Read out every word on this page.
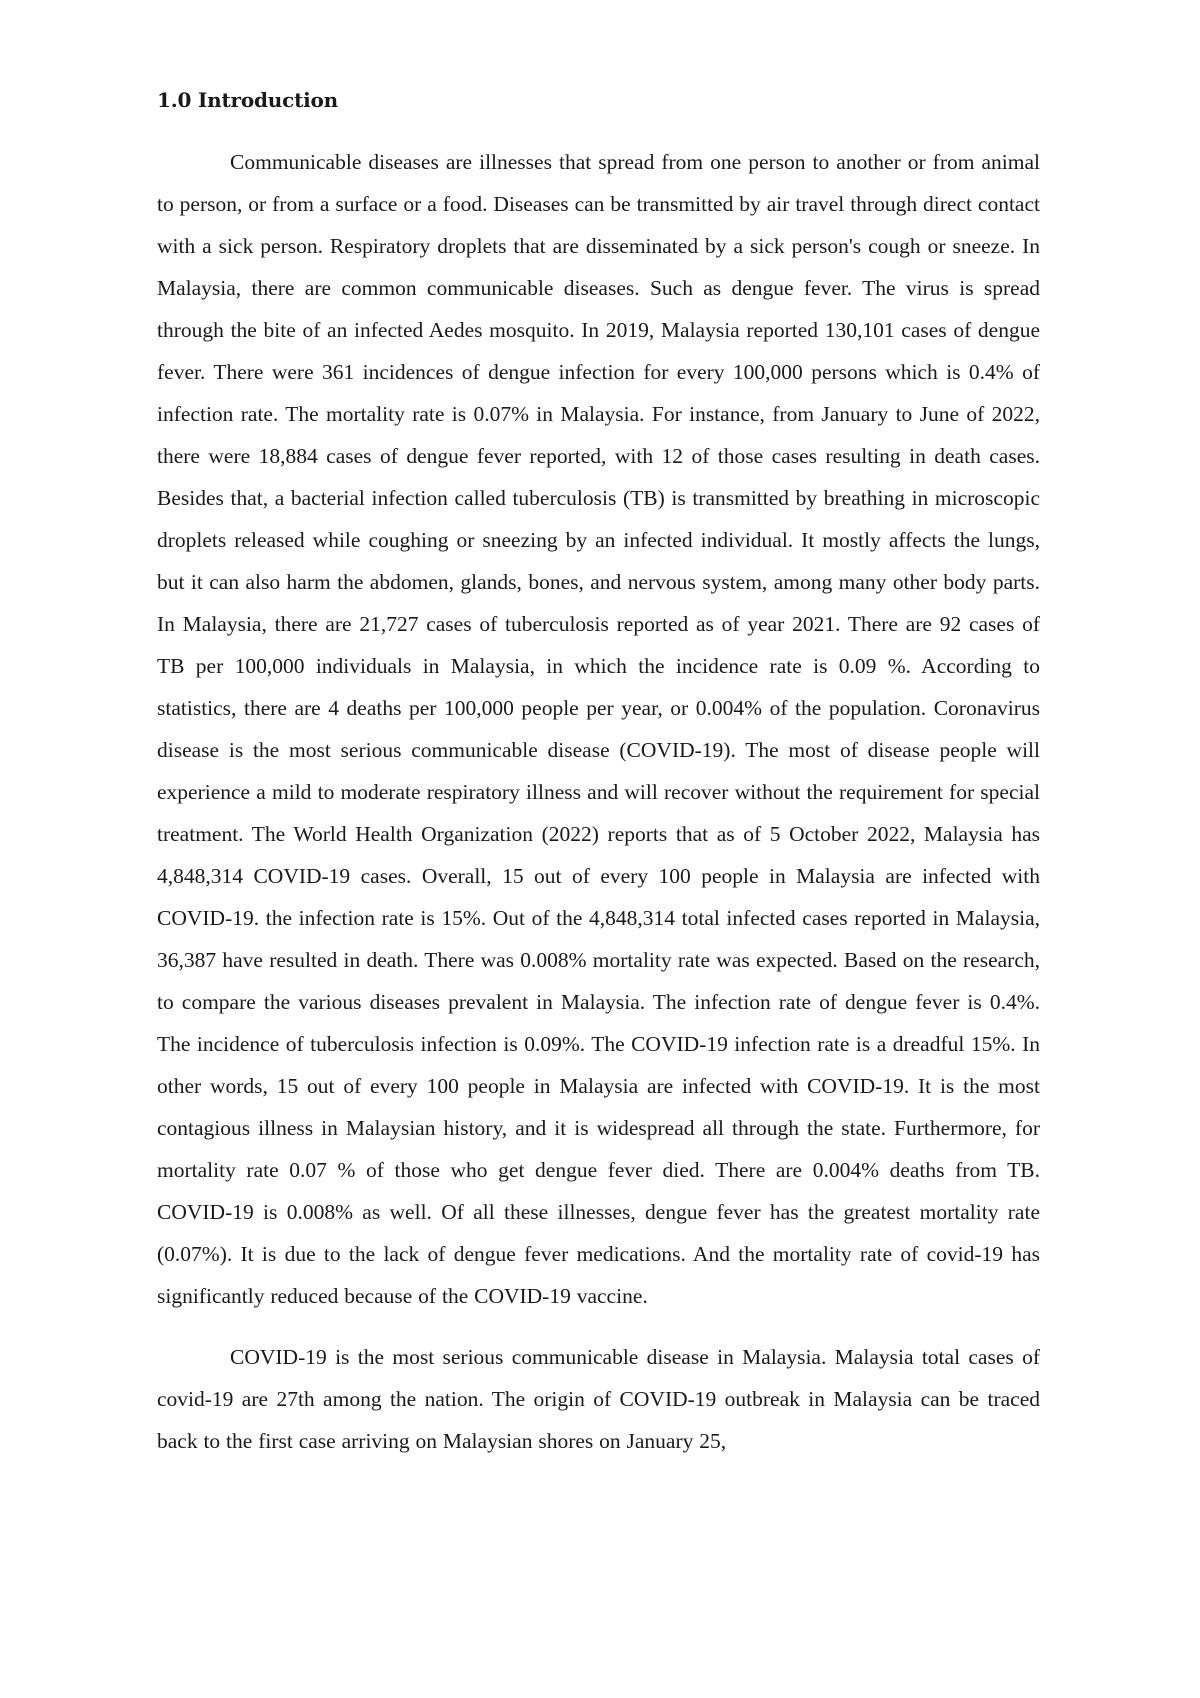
1.0 Introduction

Communicable diseases are illnesses that spread from one person to another or from animal to person, or from a surface or a food. Diseases can be transmitted by air travel through direct contact with a sick person. Respiratory droplets that are disseminated by a sick person's cough or sneeze. In Malaysia, there are common communicable diseases. Such as dengue fever. The virus is spread through the bite of an infected Aedes mosquito. In 2019, Malaysia reported 130,101 cases of dengue fever. There were 361 incidences of dengue infection for every 100,000 persons which is 0.4% of infection rate. The mortality rate is 0.07% in Malaysia. For instance, from January to June of 2022, there were 18,884 cases of dengue fever reported, with 12 of those cases resulting in death cases. Besides that, a bacterial infection called tuberculosis (TB) is transmitted by breathing in microscopic droplets released while coughing or sneezing by an infected individual. It mostly affects the lungs, but it can also harm the abdomen, glands, bones, and nervous system, among many other body parts. In Malaysia, there are 21,727 cases of tuberculosis reported as of year 2021. There are 92 cases of TB per 100,000 individuals in Malaysia, in which the incidence rate is 0.09 %. According to statistics, there are 4 deaths per 100,000 people per year, or 0.004% of the population. Coronavirus disease is the most serious communicable disease (COVID-19). The most of disease people will experience a mild to moderate respiratory illness and will recover without the requirement for special treatment. The World Health Organization (2022) reports that as of 5 October 2022, Malaysia has 4,848,314 COVID-19 cases. Overall, 15 out of every 100 people in Malaysia are infected with COVID-19. the infection rate is 15%. Out of the 4,848,314 total infected cases reported in Malaysia, 36,387 have resulted in death. There was 0.008% mortality rate was expected. Based on the research, to compare the various diseases prevalent in Malaysia. The infection rate of dengue fever is 0.4%. The incidence of tuberculosis infection is 0.09%. The COVID-19 infection rate is a dreadful 15%. In other words, 15 out of every 100 people in Malaysia are infected with COVID-19. It is the most contagious illness in Malaysian history, and it is widespread all through the state. Furthermore, for mortality rate 0.07 % of those who get dengue fever died. There are 0.004% deaths from TB. COVID-19 is 0.008% as well. Of all these illnesses, dengue fever has the greatest mortality rate (0.07%). It is due to the lack of dengue fever medications. And the mortality rate of covid-19 has significantly reduced because of the COVID-19 vaccine.

COVID-19 is the most serious communicable disease in Malaysia. Malaysia total cases of covid-19 are 27th among the nation. The origin of COVID-19 outbreak in Malaysia can be traced back to the first case arriving on Malaysian shores on January 25,
